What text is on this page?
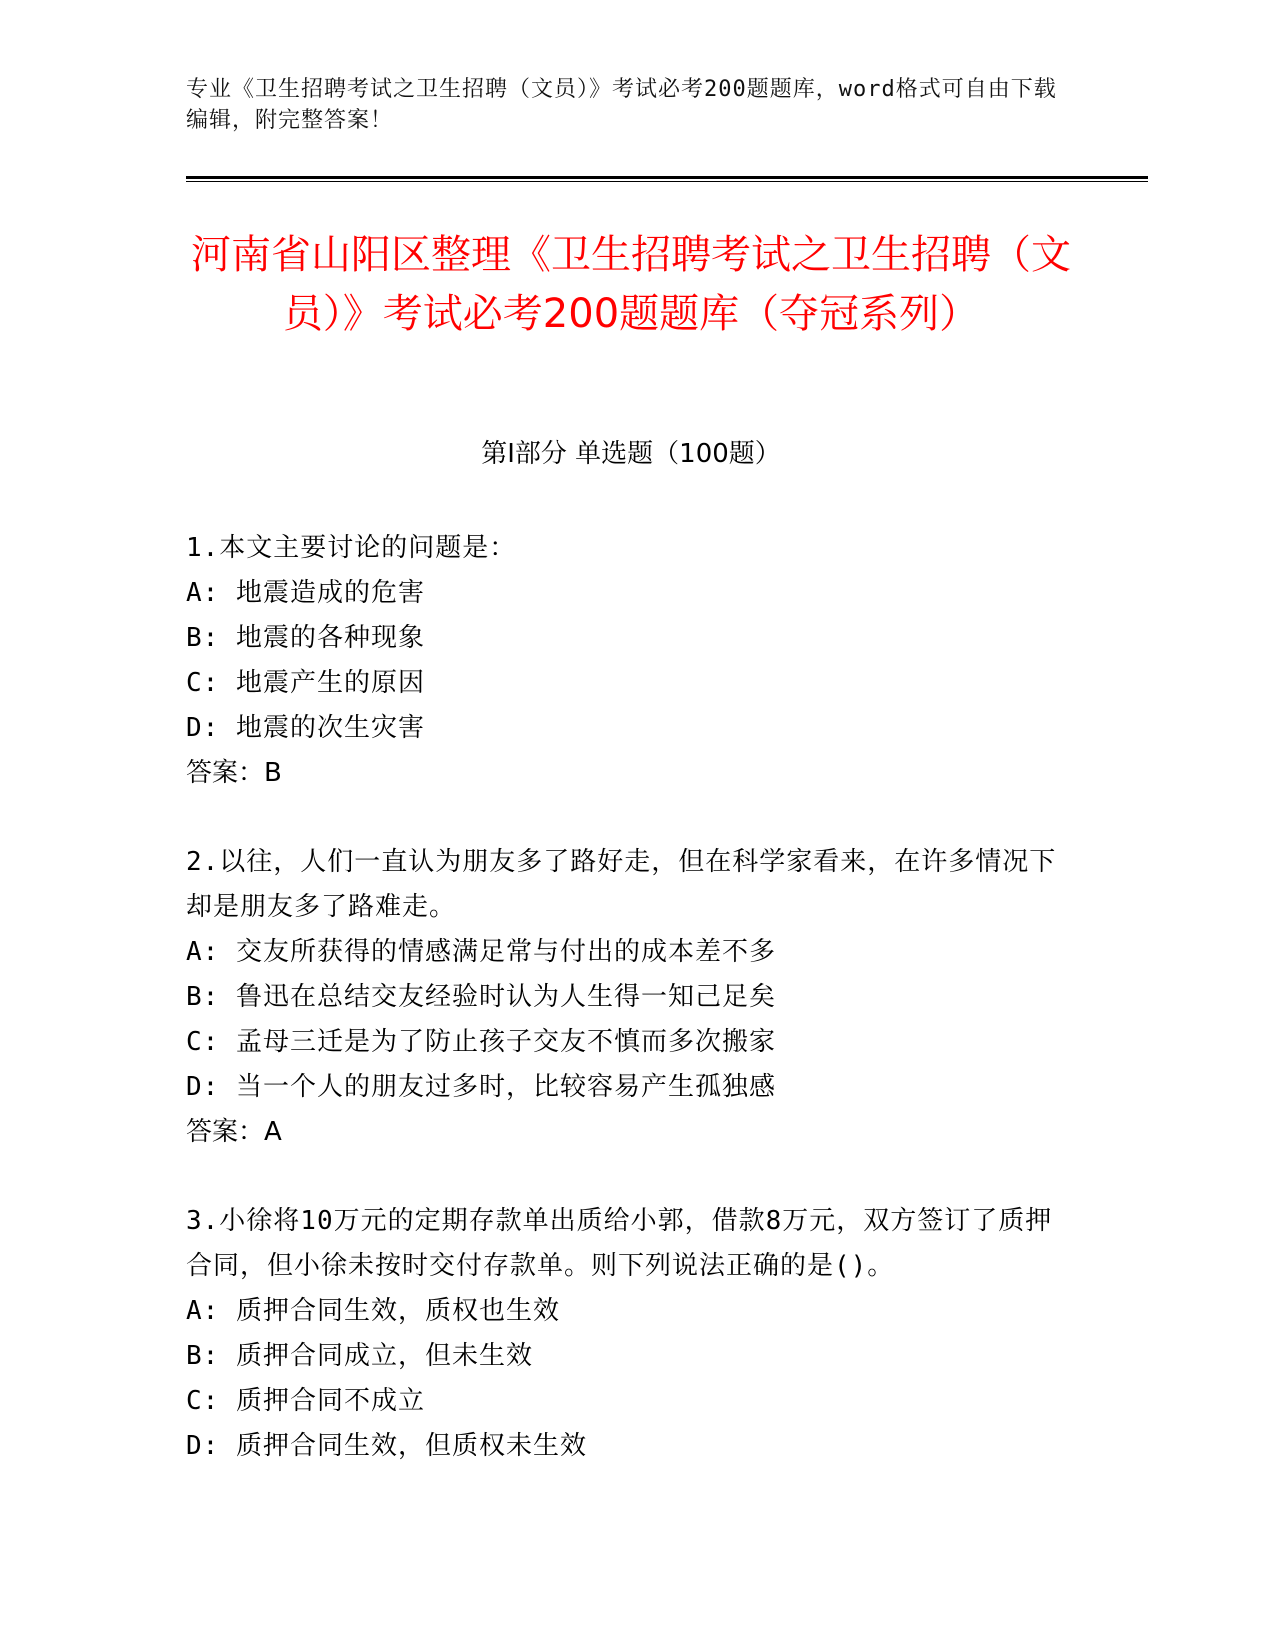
专业《卫生招聘考试之卫生招聘（文员）》考试必考200题题库，word格式可自由下载编辑，附完整答案！
河南省山阳区整理《卫生招聘考试之卫生招聘（文员）》考试必考200题题库（夺冠系列）
第Ⅰ部分 单选题（100题）
1.本文主要讨论的问题是：
A: 地震造成的危害
B: 地震的各种现象
C: 地震产生的原因
D: 地震的次生灾害
答案：B
2.以往，人们一直认为朋友多了路好走，但在科学家看来，在许多情况下却是朋友多了路难走。
A: 交友所获得的情感满足常与付出的成本差不多
B: 鲁迅在总结交友经验时认为人生得一知己足矣
C: 孟母三迁是为了防止孩子交友不慎而多次搬家
D: 当一个人的朋友过多时，比较容易产生孤独感
答案：A
3.小徐将10万元的定期存款单出质给小郭，借款8万元，双方签订了质押合同，但小徐未按时交付存款单。则下列说法正确的是()。
A: 质押合同生效，质权也生效
B: 质押合同成立，但未生效
C: 质押合同不成立
D: 质押合同生效，但质权未生效
